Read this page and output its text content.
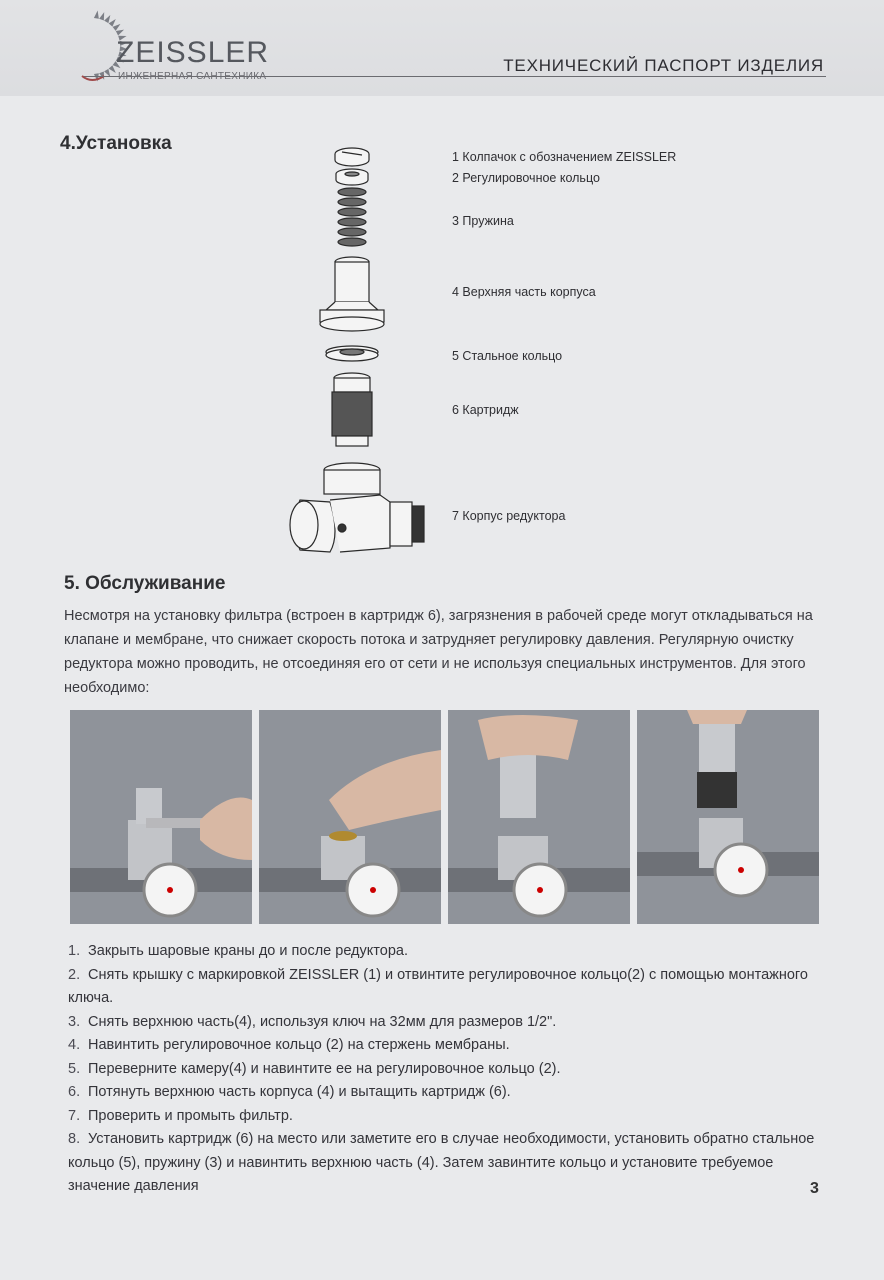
ZEISSLER	ТЕХНИЧЕСКИЙ ПАСПОРТ ИЗДЕЛИЯ
4.Установка
1 Колпачок с обозначением ZEISSLER
2 Регулировочное кольцо
3 Пружина
4 Верхняя часть корпуса
5 Стальное кольцо
6 Картридж
7 Корпус редуктора
5. Обслуживание
Несмотря на установку фильтра (встроен в картридж 6), загрязнения в рабочей среде могут откладываться на клапане и мембране, что снижает скорость потока и затрудняет регулировку давления. Регулярную очистку редуктора можно проводить, не отсоединяя его от сети и не используя специальных инструментов. Для этого необходимо:
1. Закрыть шаровые краны до и после редуктора.
2. Снять крышку с маркировкой ZEISSLER (1) и отвинтите регулировочное кольцо(2) с помощью монтажного ключа.
3. Снять верхнюю часть(4), используя ключ на 32мм для размеров 1/2".
4. Навинтить регулировочное кольцо (2) на стержень мембраны.
5. Переверните камеру(4) и навинтите ее на регулировочное кольцо (2).
6. Потянуть верхнюю часть корпуса (4) и вытащить картридж (6).
7. Проверить и промыть фильтр.
8. Установить картридж (6) на место или заметите его в случае необходимости, установить обратно стальное кольцо (5), пружину (3) и навинтить верхнюю часть (4). Затем завинтите кольцо и установите требуемое значение давления	3
